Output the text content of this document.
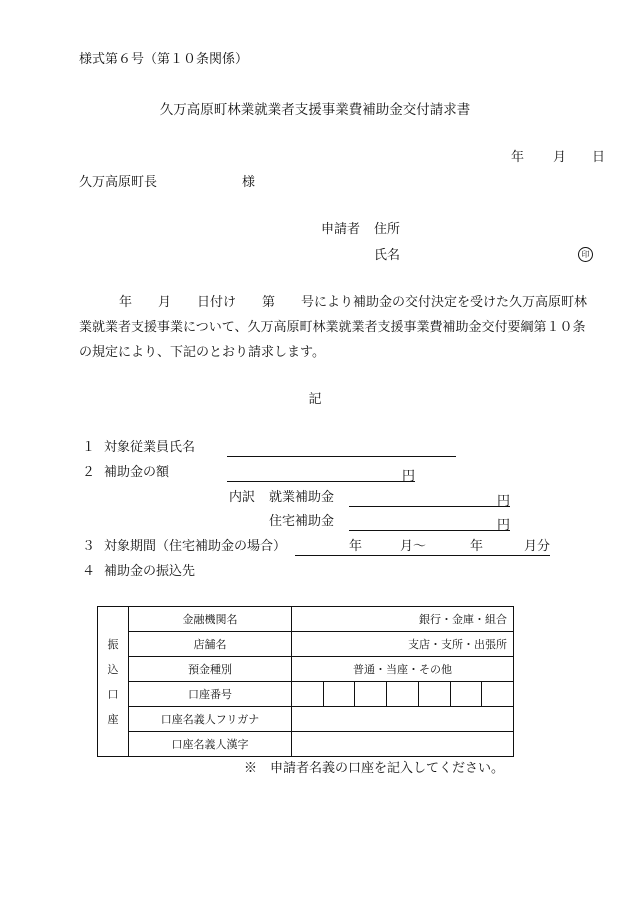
様式第６号（第１０条関係）
久万高原町林業就業者支援事業費補助金交付請求書
年 月 日
久万高原町長	様
申請者 住所
氏名	印
年　　月　　日付け　　第　　号により補助金の交付決定を受けた久万高原町林
業就業者支援事業について、久万高原町林業就業者支援事業費補助金交付要綱第１０条
の規定により、下記のとおり請求します。
記
１ 対象従業員氏名
２ 補助金の額	円
内訳 就業補助金	円
住宅補助金	円
３ 対象期間（住宅補助金の場合）	年	月～	年	月分
４ 補助金の振込先
振
込
口
座	金融機関名	銀行・金庫・組合
	店舗名	支店・支所・出張所
	預金種別	普通・当座・その他
	口座番号	

	口座名義人フリガナ	
	口座名義人漢字	
※　申請者名義の口座を記入してください。
